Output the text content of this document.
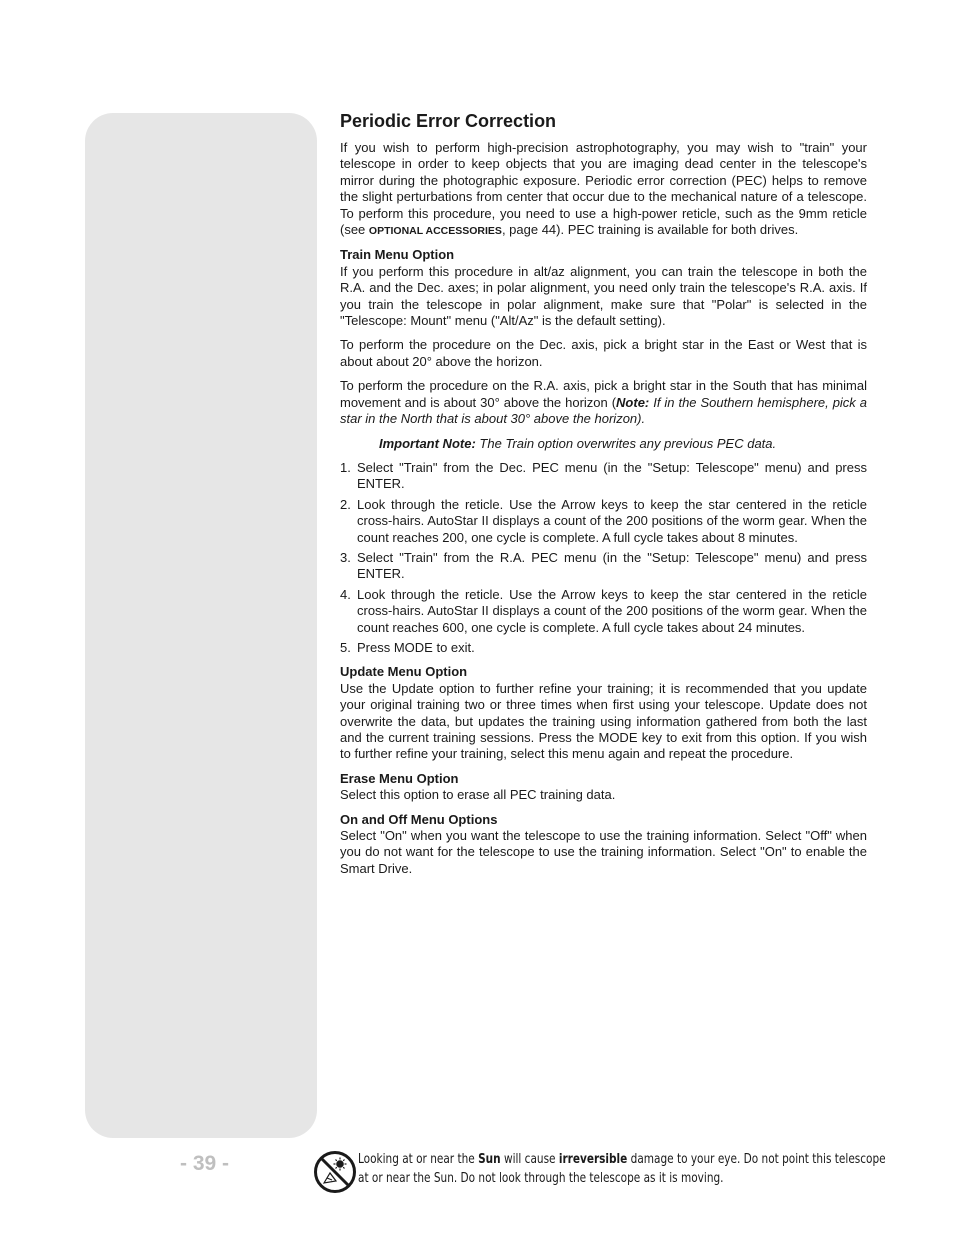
Periodic Error Correction

If you wish to perform high-precision astrophotography, you may wish to "train" your telescope in order to keep objects that you are imaging dead center in the telescope's mirror during the photographic exposure. Periodic error correction (PEC) helps to remove the slight perturbations from center that occur due to the mechanical nature of a telescope. To perform this procedure, you need to use a high-power reticle, such as the 9mm reticle (see OPTIONAL ACCESSORIES, page 44). PEC training is available for both drives.

Train Menu Option

If you perform this procedure in alt/az alignment, you can train the telescope in both the R.A. and the Dec. axes; in polar alignment, you need only train the telescope's R.A. axis. If you train the telescope in polar alignment, make sure that "Polar" is selected in the "Telescope: Mount" menu ("Alt/Az" is the default setting).

To perform the procedure on the Dec. axis, pick a bright star in the East or West that is about about 20° above the horizon.

To perform the procedure on the R.A. axis, pick a bright star in the South that has minimal movement and is about 30° above the horizon (Note: If in the Southern hemisphere, pick a star in the North that is about 30° above the horizon).

Important Note: The Train option overwrites any previous PEC data.

1. Select "Train" from the Dec. PEC menu (in the "Setup: Telescope" menu) and press ENTER.
2. Look through the reticle. Use the Arrow keys to keep the star centered in the reticle cross-hairs. AutoStar II displays a count of the 200 positions of the worm gear. When the count reaches 200, one cycle is complete. A full cycle takes about 8 minutes.
3. Select "Train" from the R.A. PEC menu (in the "Setup: Telescope" menu) and press ENTER.
4. Look through the reticle. Use the Arrow keys to keep the star centered in the reticle cross-hairs. AutoStar II displays a count of the 200 positions of the worm gear. When the count reaches 600, one cycle is complete. A full cycle takes about 24 minutes.
5. Press MODE to exit.
Update Menu Option

Use the Update option to further refine your training; it is recommended that you update your original training two or three times when first using your telescope. Update does not overwrite the data, but updates the training using information gathered from both the last and the current training sessions. Press the MODE key to exit from this option. If you wish to further refine your training, select this menu again and repeat the procedure.

Erase Menu Option

Select this option to erase all PEC training data.

On and Off Menu Options

Select "On" when you want the telescope to use the training information. Select "Off" when you do not want for the telescope to use the training information. Select "On" to enable the Smart Drive.

- 39 -	Looking at or near the Sun will cause irreversible damage to your eye. Do not point this telescope
at or near the Sun. Do not look through the telescope as it is moving.
